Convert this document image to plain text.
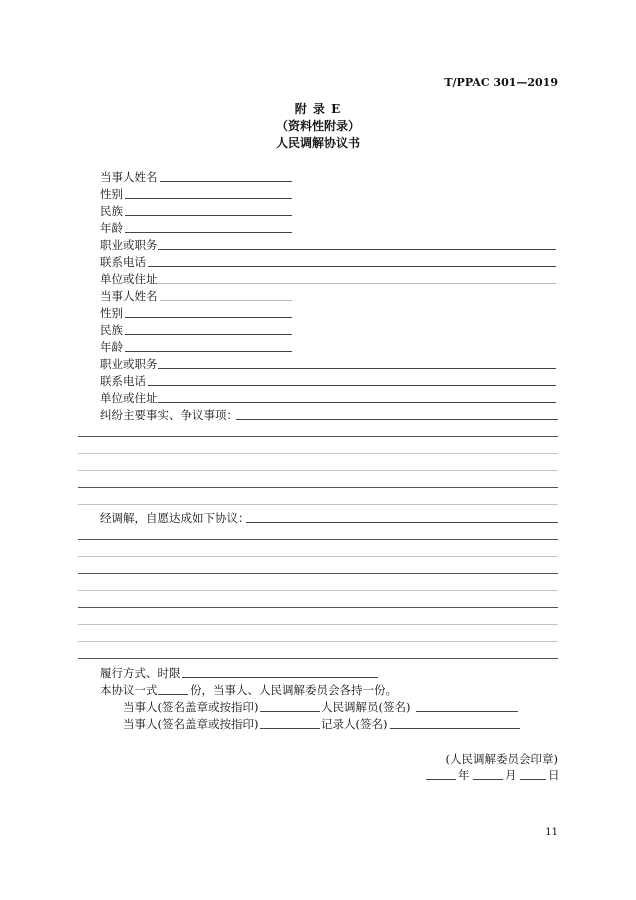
T/PPAC 301—2019
附 录 E
（资料性附录）
人民调解协议书
当事人姓名
性别
民族
年龄
职业或职务
联系电话
单位或住址
当事人姓名
性别
民族
年龄
职业或职务
联系电话
单位或住址
纠纷主要事实、争议事项：
经调解，自愿达成如下协议：
履行方式、时限
本协议一式	份，当事人、人民调解委员会各持一份。
当事人(签名盖章或按指印)	人民调解员(签名)
当事人(签名盖章或按指印)	记录人(签名)
(人民调解委员会印章)
年	月	日
11
